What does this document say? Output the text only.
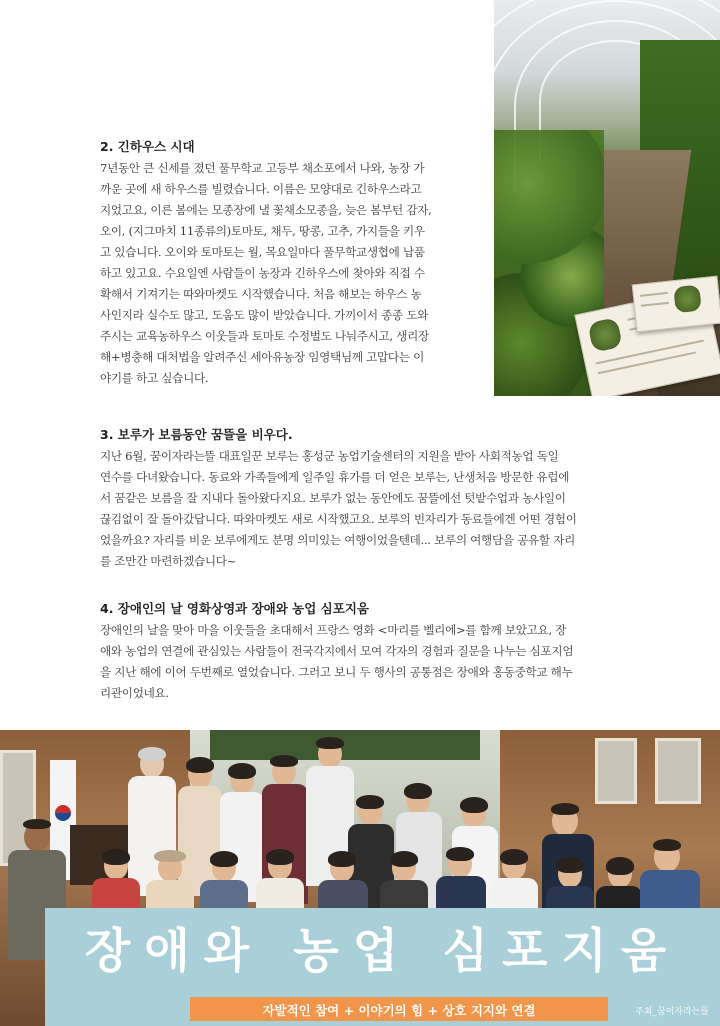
2. 긴하우스 시대
7년동안 큰 신세를 졌던 풀무학교 고등부 채소포에서 나와, 농장 가
까운 곳에 새 하우스를 빌렸습니다. 이름은 모양대로 긴하우스라고
지었고요, 이른 봄에는 모종장에 낼 꽃채소모종을, 늦은 봄부턴 감자,
오이, (지그마치 11종류의)토마토, 채두, 땅콩, 고추, 가지들을 키우
고 있습니다. 오이와 토마토는 월, 목요일마다 풀무학교생협에 납품
하고 있고요. 수요일엔 사람들이 농장과 긴하우스에 찾아와 직접 수
확해서 기져기는 따와마켓도 시작했습니다. 처음 해보는 하우스 농
사인지라 실수도 많고, 도움도 많이 받았습니다. 가끼이서 종종 도와
주시는 교육농하우스 이웃들과 토마토 수정벌도 나눠주시고, 생리장
해+병충해 대처법을 알려주신 세아유농장 임영택님께 고맙다는 이
야기를 하고 싶습니다.
3. 보루가 보름동안 꿈뜰을 비우다.
지난 6월, 꿈이자라는뜰 대표일꾼 보루는 홍성군 농업기술센터의 지원을 받아 사회적농업 독일
연수를 다녀왔습니다. 동료와 가족들에게 일주일 휴가를 더 얻은 보루는, 난생처음 방문한 유럽에
서 꿈같은 보름을 잘 지내다 돌아왔다지요. 보루가 없는 동안에도 꿈뜰에선 텃밭수업과 농사일이
끊김없이 잘 돌아갔답니다. 따와마켓도 새로 시작했고요. 보루의 빈자리가 동료들에겐 어떤 경험이
었을까요? 자리를 비운 보루에게도 분명 의미있는 여행이었을텐데... 보루의 여행담을 공유할 자리
를 조만간 마련하겠습니다~
4. 장애인의 날 영화상영과 장애와 농업 심포지움
장애인의 날을 맞아 마을 이웃들을 초대해서 프랑스 영화 <마리를 벨리에>를 함께 보았고요, 장
애와 농업의 연결에 관심있는 사람들이 전국각지에서 모여 각자의 경험과 질문을 나누는 심포지엄
을 지난 해에 이어 두번째로 열었습니다. 그러고 보니 두 행사의 공통점은 장애와 홍동중학교 해누
리관이었네요.
장애와 농업 심포지움
자발적인 참여 + 이야기의 힘 + 상호 지지와 연결	주최_꿈이자라는뜰
